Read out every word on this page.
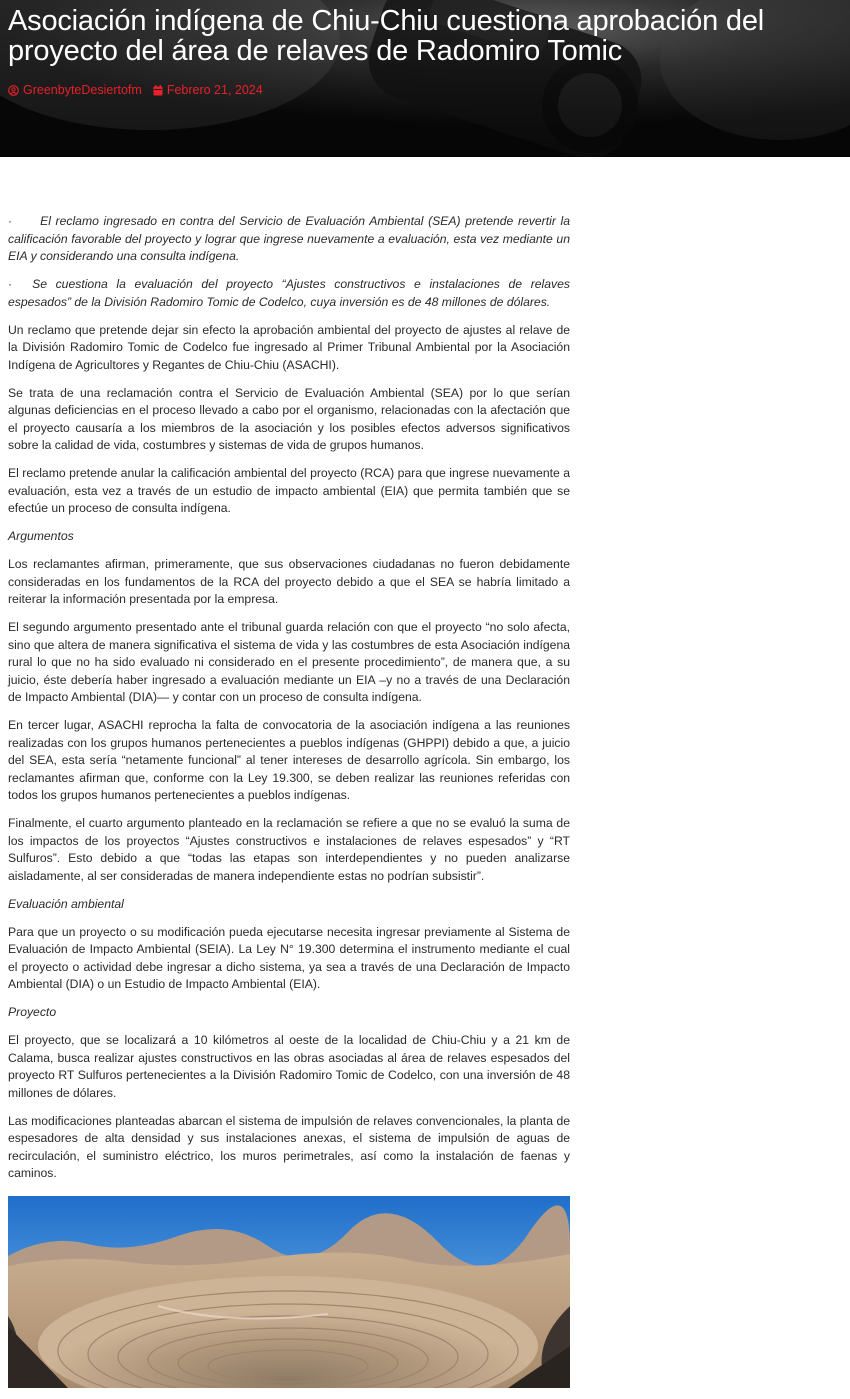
Asociación indígena de Chiu-Chiu cuestiona aprobación del proyecto del área de relaves de Radomiro Tomic
GreenbyteDesiertofm Febrero 21, 2024

· El reclamo ingresado en contra del Servicio de Evaluación Ambiental (SEA) pretende revertir la calificación favorable del proyecto y lograr que ingrese nuevamente a evaluación, esta vez mediante un EIA y considerando una consulta indígena.

· Se cuestiona la evaluación del proyecto “Ajustes constructivos e instalaciones de relaves espesados” de la División Radomiro Tomic de Codelco, cuya inversión es de 48 millones de dólares.

Un reclamo que pretende dejar sin efecto la aprobación ambiental del proyecto de ajustes al relave de la División Radomiro Tomic de Codelco fue ingresado al Primer Tribunal Ambiental por la Asociación Indígena de Agricultores y Regantes de Chiu-Chiu (ASACHI).

Se trata de una reclamación contra el Servicio de Evaluación Ambiental (SEA) por lo que serían algunas deficiencias en el proceso llevado a cabo por el organismo, relacionadas con la afectación que el proyecto causaría a los miembros de la asociación y los posibles efectos adversos significativos sobre la calidad de vida, costumbres y sistemas de vida de grupos humanos.

El reclamo pretende anular la calificación ambiental del proyecto (RCA) para que ingrese nuevamente a evaluación, esta vez a través de un estudio de impacto ambiental (EIA) que permita también que se efectúe un proceso de consulta indígena.

Argumentos

Los reclamantes afirman, primeramente, que sus observaciones ciudadanas no fueron debidamente consideradas en los fundamentos de la RCA del proyecto debido a que el SEA se habría limitado a reiterar la información presentada por la empresa.

El segundo argumento presentado ante el tribunal guarda relación con que el proyecto “no solo afecta, sino que altera de manera significativa el sistema de vida y las costumbres de esta Asociación indígena rural lo que no ha sido evaluado ni considerado en el presente procedimiento”, de manera que, a su juicio, éste debería haber ingresado a evaluación mediante un EIA –y no a través de una Declaración de Impacto Ambiental (DIA)— y contar con un proceso de consulta indígena.

En tercer lugar, ASACHI reprocha la falta de convocatoria de la asociación indígena a las reuniones realizadas con los grupos humanos pertenecientes a pueblos indígenas (GHPPI) debido a que, a juicio del SEA, esta sería “netamente funcional” al tener intereses de desarrollo agrícola. Sin embargo, los reclamantes afirman que, conforme con la Ley 19.300, se deben realizar las reuniones referidas con todos los grupos humanos pertenecientes a pueblos indígenas.

Finalmente, el cuarto argumento planteado en la reclamación se refiere a que no se evaluó la suma de los impactos de los proyectos “Ajustes constructivos e instalaciones de relaves espesados” y “RT Sulfuros”. Esto debido a que “todas las etapas son interdependientes y no pueden analizarse aisladamente, al ser consideradas de manera independiente estas no podrían subsistir”.

Evaluación ambiental

Para que un proyecto o su modificación pueda ejecutarse necesita ingresar previamente al Sistema de Evaluación de Impacto Ambiental (SEIA). La Ley N° 19.300 determina el instrumento mediante el cual el proyecto o actividad debe ingresar a dicho sistema, ya sea a través de una Declaración de Impacto Ambiental (DIA) o un Estudio de Impacto Ambiental (EIA).

Proyecto

El proyecto, que se localizará a 10 kilómetros al oeste de la localidad de Chiu-Chiu y a 21 km de Calama, busca realizar ajustes constructivos en las obras asociadas al área de relaves espesados del proyecto RT Sulfuros pertenecientes a la División Radomiro Tomic de Codelco, con una inversión de 48 millones de dólares.

Las modificaciones planteadas abarcan el sistema de impulsión de relaves convencionales, la planta de espesadores de alta densidad y sus instalaciones anexas, el sistema de impulsión de aguas de recirculación, el suministro eléctrico, los muros perimetrales, así como la instalación de faenas y caminos.
